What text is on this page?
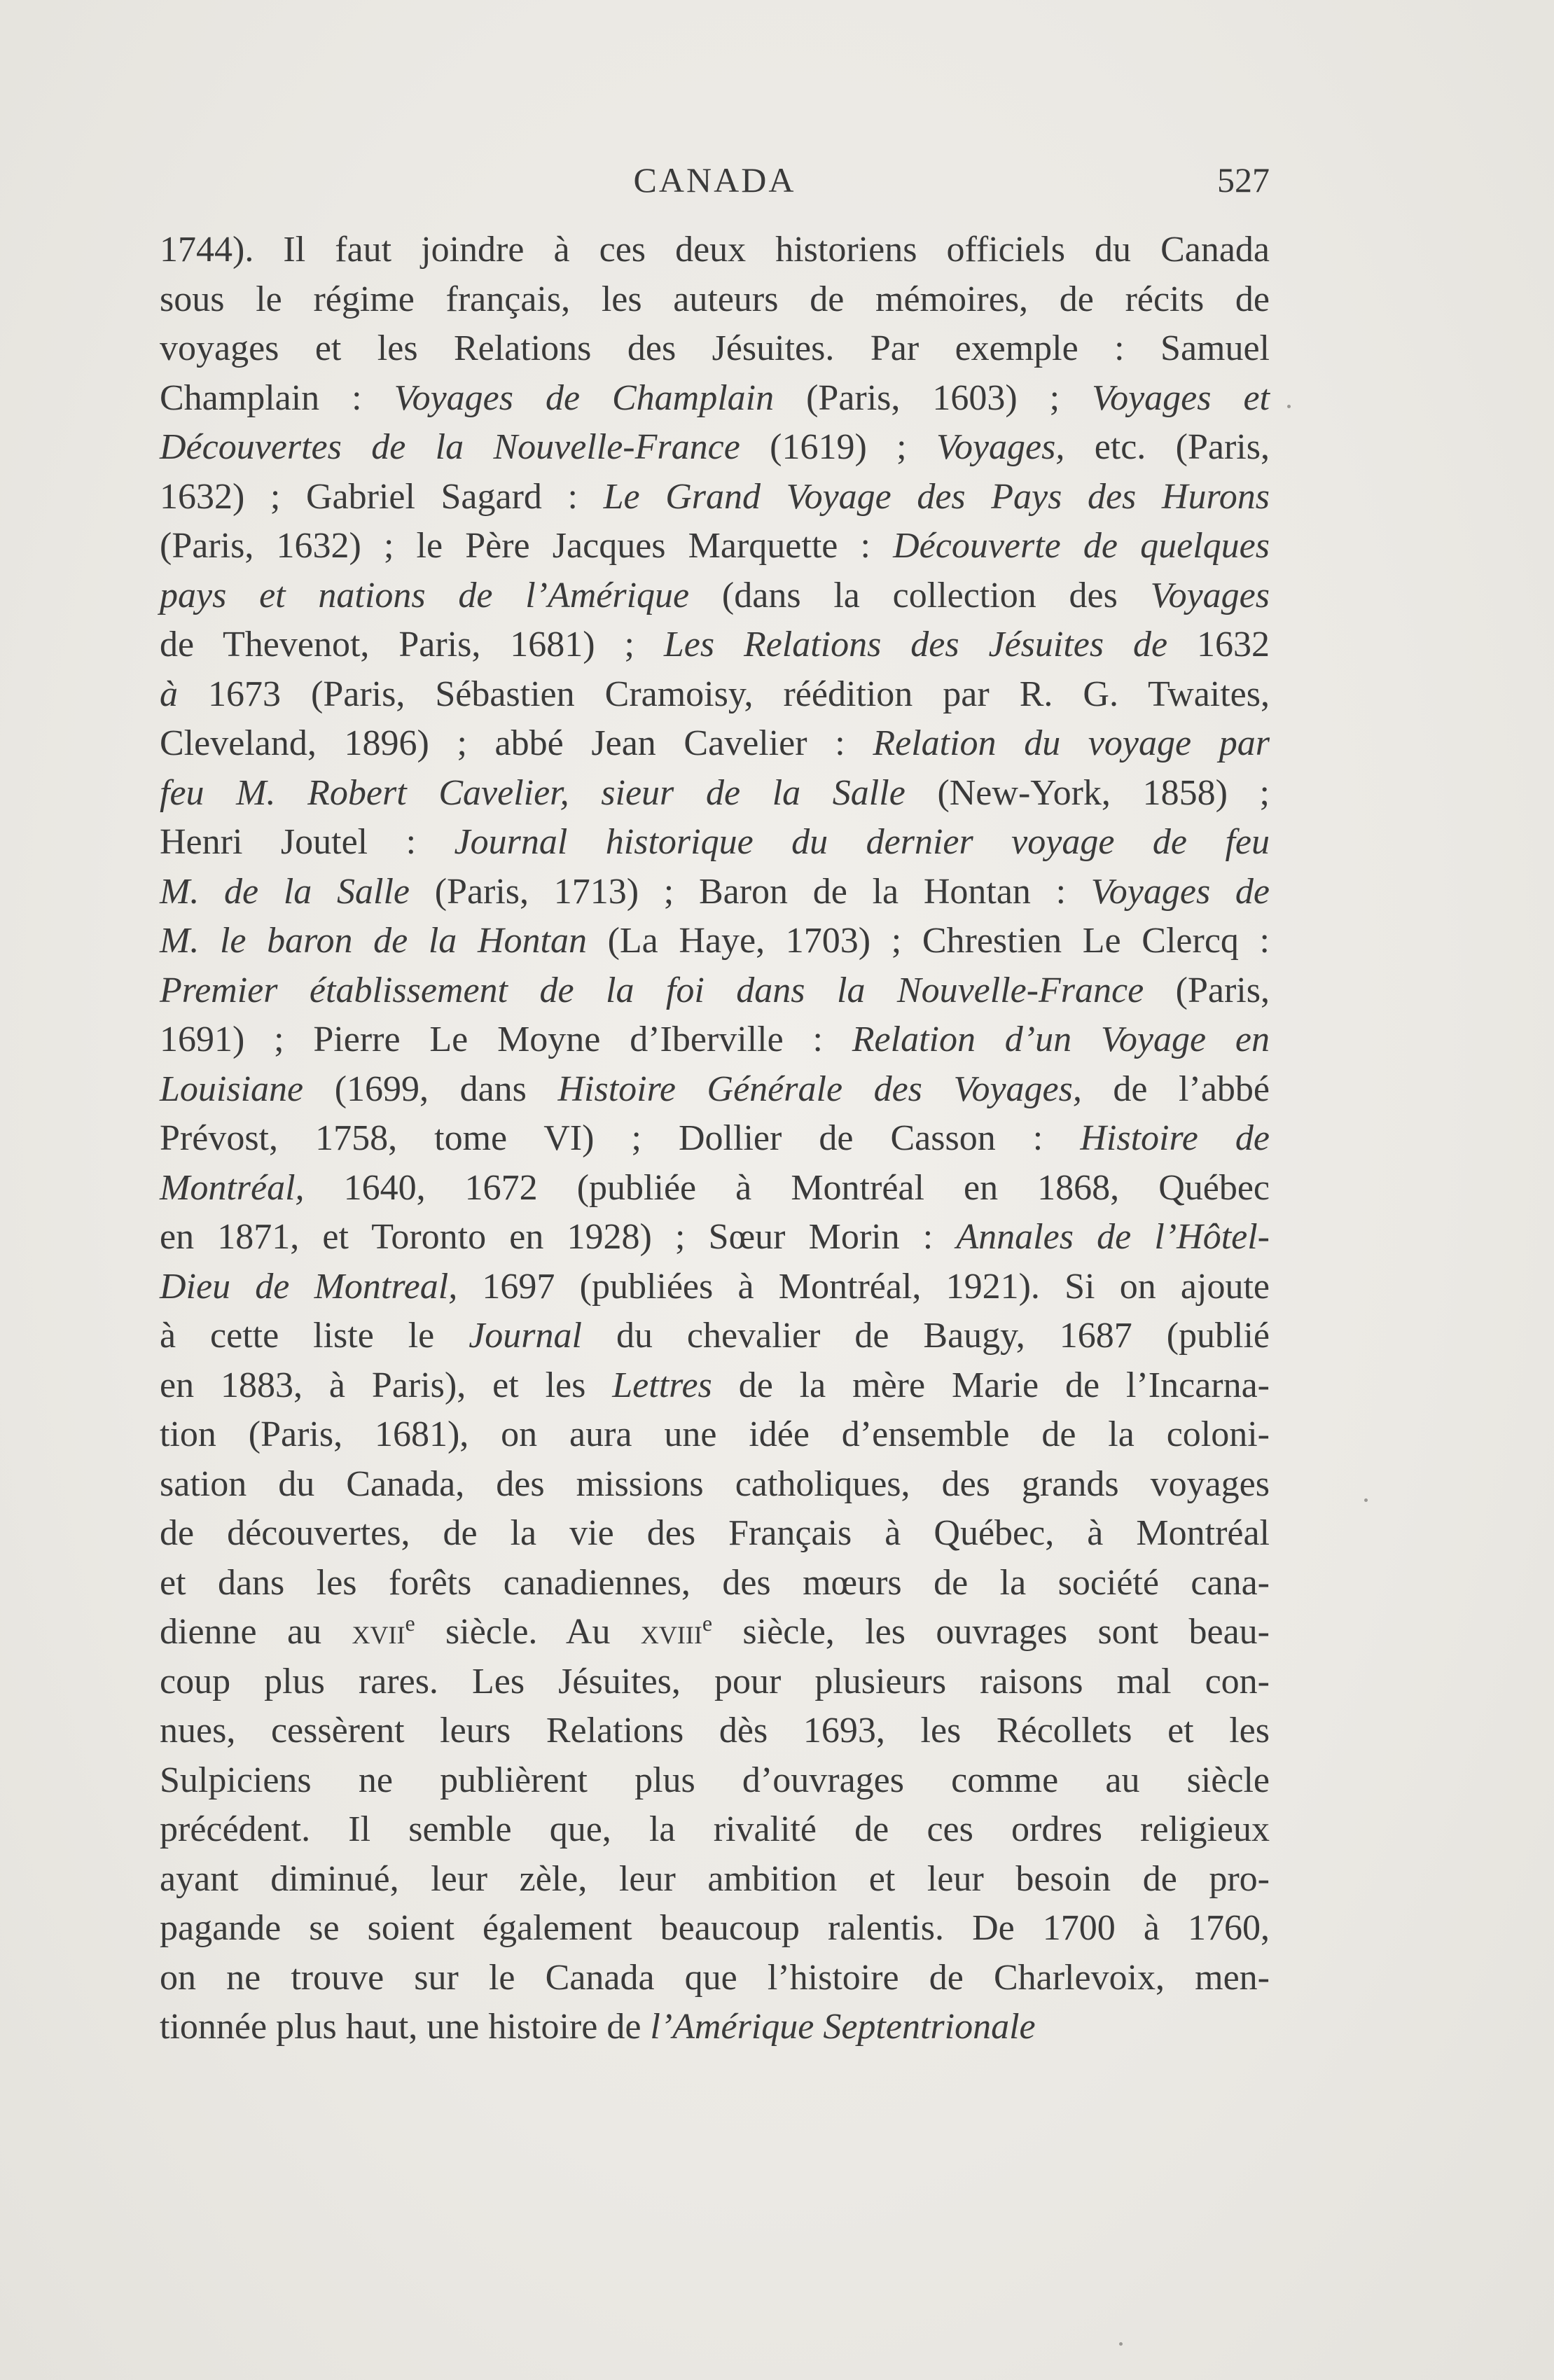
CANADA	527
1744). Il faut joindre à ces deux historiens officiels du Canada
sous le régime français, les auteurs de mémoires, de récits de
voyages et les Relations des Jésuites. Par exemple : Samuel
Champlain : Voyages de Champlain (Paris, 1603) ; Voyages et
Découvertes de la Nouvelle-France (1619) ; Voyages, etc. (Paris,
1632) ; Gabriel Sagard : Le Grand Voyage des Pays des Hurons
(Paris, 1632) ; le Père Jacques Marquette : Découverte de quelques
pays et nations de l’Amérique (dans la collection des Voyages
de Thevenot, Paris, 1681) ; Les Relations des Jésuites de 1632
à 1673 (Paris, Sébastien Cramoisy, réédition par R. G. Twaites,
Cleveland, 1896) ; abbé Jean Cavelier : Relation du voyage par
feu M. Robert Cavelier, sieur de la Salle (New-York, 1858) ;
Henri Joutel : Journal historique du dernier voyage de feu
M. de la Salle (Paris, 1713) ; Baron de la Hontan : Voyages de
M. le baron de la Hontan (La Haye, 1703) ; Chrestien Le Clercq :
Premier établissement de la foi dans la Nouvelle-France (Paris,
1691) ; Pierre Le Moyne d’Iberville : Relation d’un Voyage en
Louisiane (1699, dans Histoire Générale des Voyages, de l’abbé
Prévost, 1758, tome VI) ; Dollier de Casson : Histoire de
Montréal, 1640, 1672 (publiée à Montréal en 1868, Québec
en 1871, et Toronto en 1928) ; Sœur Morin : Annales de l’Hôtel-
Dieu de Montreal, 1697 (publiées à Montréal, 1921). Si on ajoute
à cette liste le Journal du chevalier de Baugy, 1687 (publié
en 1883, à Paris), et les Lettres de la mère Marie de l’Incarna-
tion (Paris, 1681), on aura une idée d’ensemble de la coloni-
sation du Canada, des missions catholiques, des grands voyages
de découvertes, de la vie des Français à Québec, à Montréal
et dans les forêts canadiennes, des mœurs de la société cana-
dienne au xvii$^e$ siècle. Au xviii$^e$ siècle, les ouvrages sont beau-
coup plus rares. Les Jésuites, pour plusieurs raisons mal con-
nues, cessèrent leurs Relations dès 1693, les Récollets et les
Sulpiciens ne publièrent plus d’ouvrages comme au siècle
précédent. Il semble que, la rivalité de ces ordres religieux
ayant diminué, leur zèle, leur ambition et leur besoin de pro-
pagande se soient également beaucoup ralentis. De 1700 à 1760,
on ne trouve sur le Canada que l’histoire de Charlevoix, men-
tionnée plus haut, une histoire de l’Amérique Septentrionale
